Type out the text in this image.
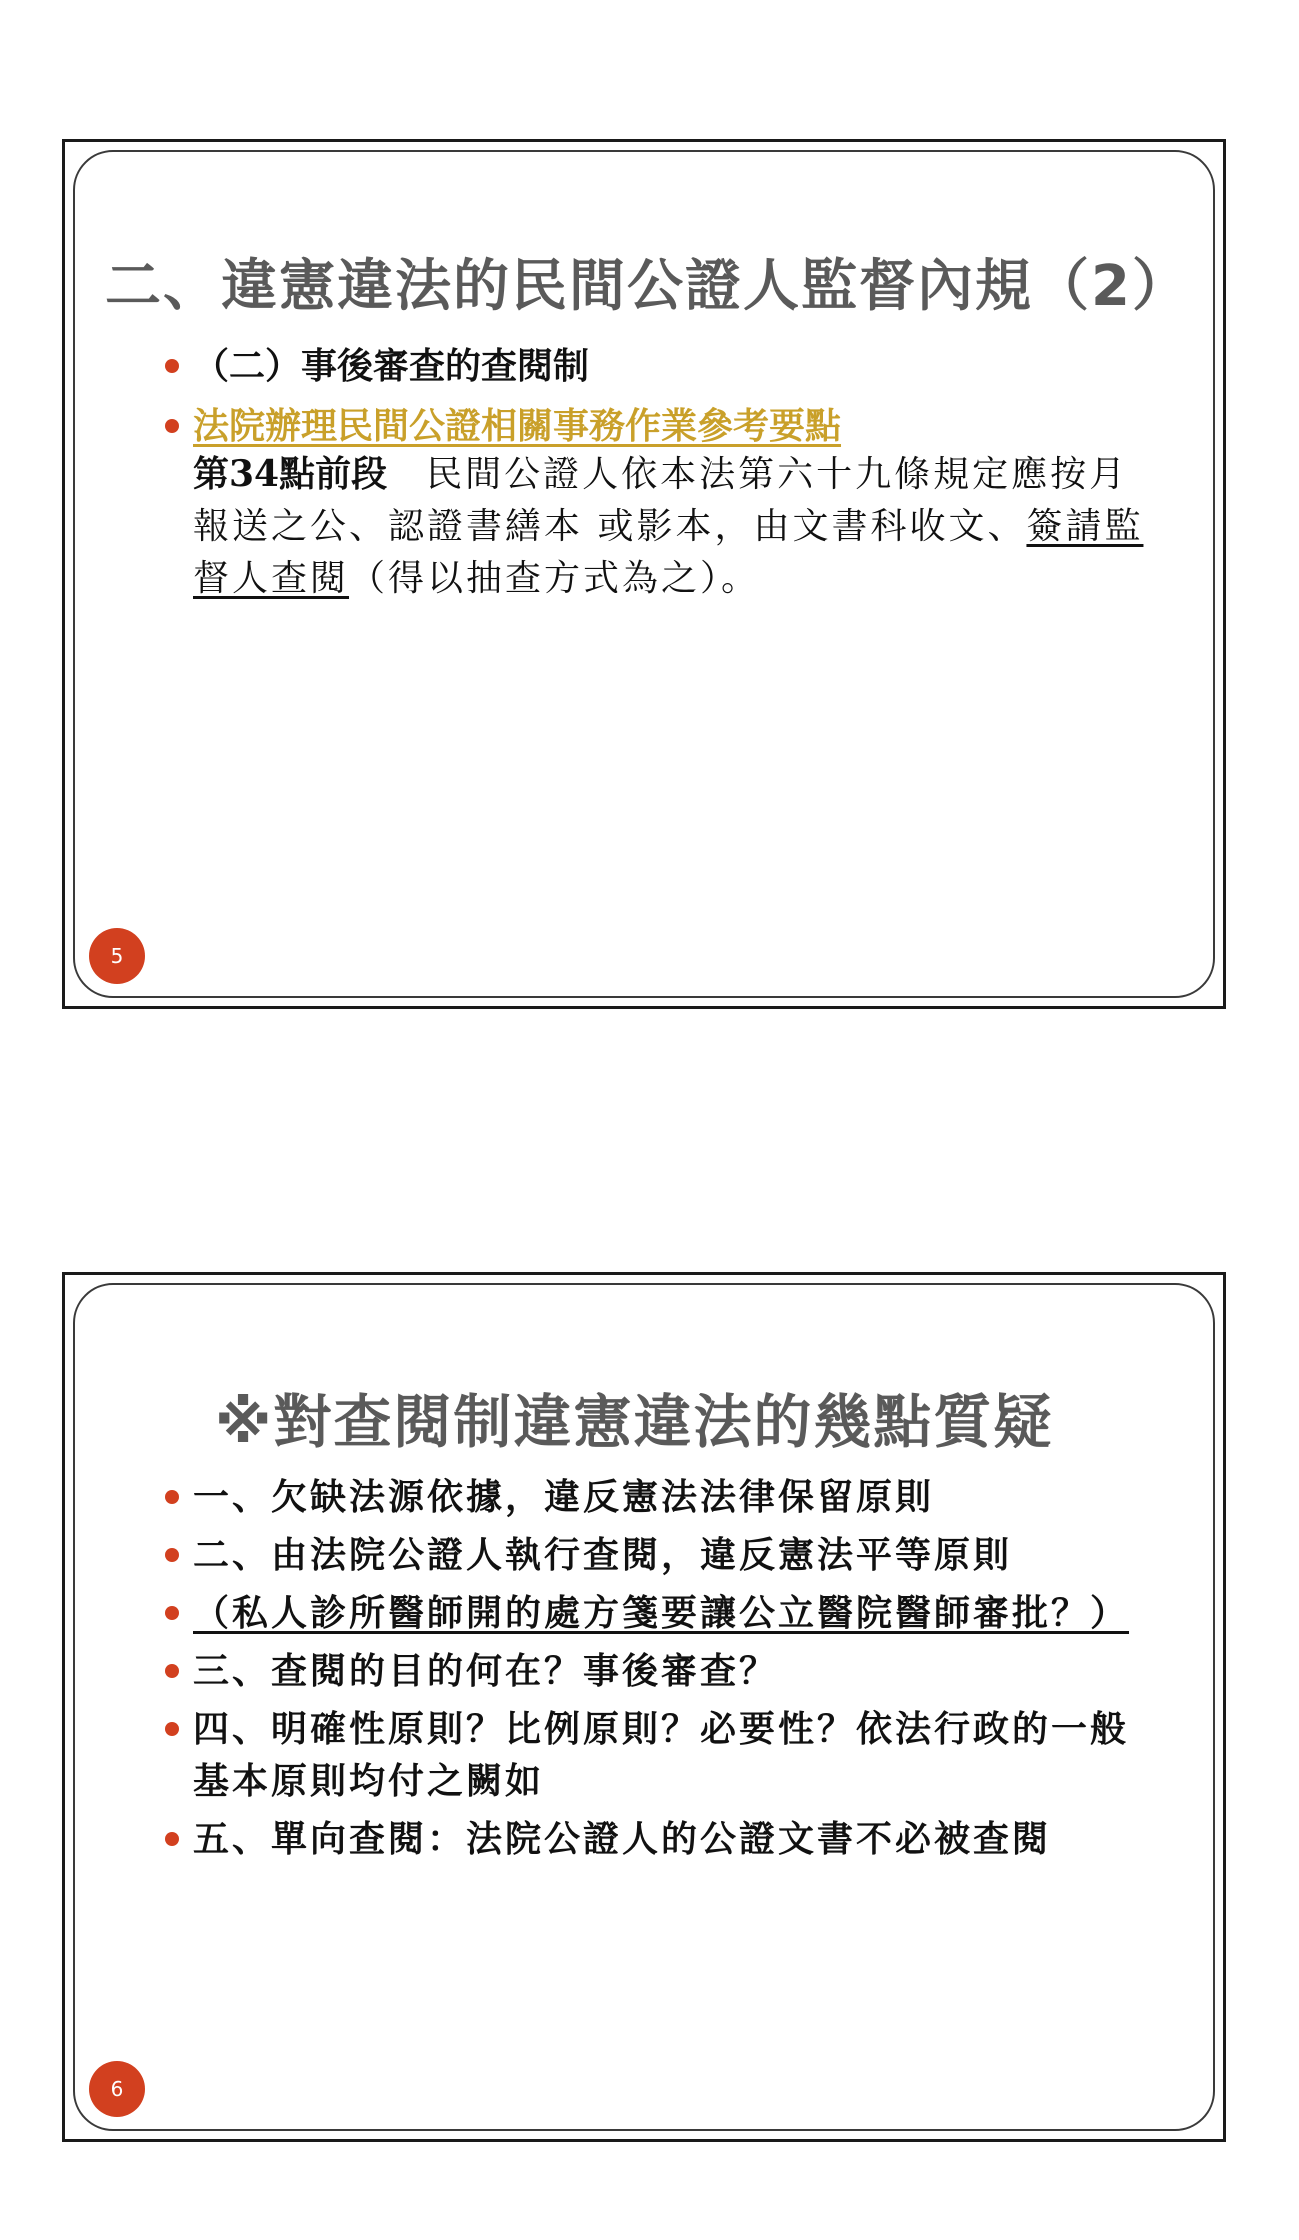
二、違憲違法的民間公證人監督內規（2）
（二）事後審查的查閱制
法院辦理民間公證相關事務作業參考要點
第34點前段　民間公證人依本法第六十九條規定應按月報送之公、認證書繕本 或影本，由文書科收文、簽請監督人查閱（得以抽查方式為之）。
5
※對查閱制違憲違法的幾點質疑
一、欠缺法源依據，違反憲法法律保留原則
二、由法院公證人執行查閱，違反憲法平等原則
（私人診所醫師開的處方箋要讓公立醫院醫師審批？）
三、查閱的目的何在？事後審查？
四、明確性原則？比例原則？必要性？依法行政的一般基本原則均付之闕如
五、單向查閱：法院公證人的公證文書不必被查閱
6
